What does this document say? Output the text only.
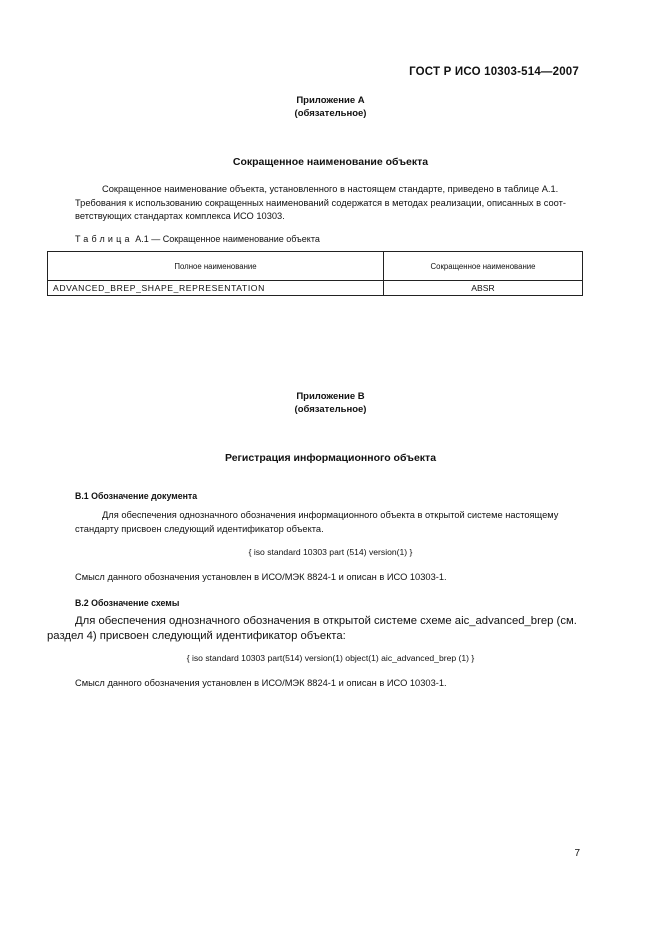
ГОСТ Р ИСО 10303-514—2007
Приложение А
(обязательное)
Сокращенное наименование объекта
Сокращенное наименование объекта, установленного в настоящем стандарте, приведено в таблице А.1.
Требования к использованию сокращенных наименований содержатся в методах реализации, описанных в соот-
ветствующих стандартах комплекса ИСО 10303.
Таблица А.1 — Сокращенное наименование объекта
Полное наименование	Сокращенное наименование
ADVANCED_BREP_SHAPE_REPRESENTATION	ABSR
Приложение В
(обязательное)
Регистрация информационного объекта
В.1 Обозначение документа
Для обеспечения однозначного обозначения информационного объекта в открытой системе настоящему
стандарту присвоен следующий идентификатор объекта.
{ iso standard 10303 part (514) version(1) }
Смысл данного обозначения установлен в ИСО/МЭК 8824-1 и описан в ИСО 10303-1.
В.2 Обозначение схемы
Для обеспечения однозначного обозначения в открытой системе схеме aic_advanced_brep (см.
раздел 4) присвоен следующий идентификатор объекта:
{ iso standard 10303 part(514) version(1) object(1) aic_advanced_brep (1) }
Смысл данного обозначения установлен в ИСО/МЭК 8824-1 и описан в ИСО 10303-1.
7
